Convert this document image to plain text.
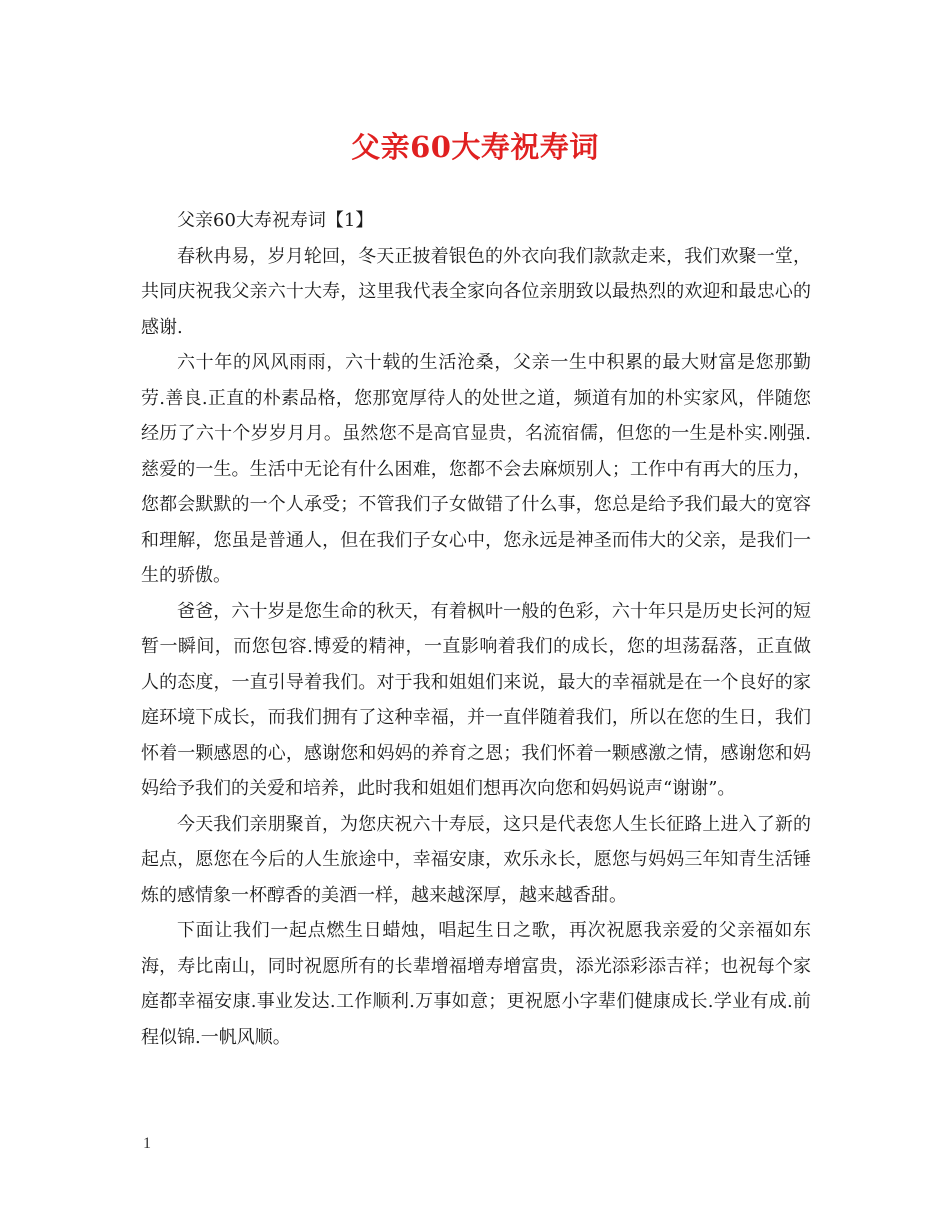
父亲60大寿祝寿词

父亲60大寿祝寿词【1】

春秋冉易，岁月轮回，冬天正披着银色的外衣向我们款款走来，我们欢聚一堂，共同庆祝我父亲六十大寿，这里我代表全家向各位亲朋致以最热烈的欢迎和最忠心的感谢.

六十年的风风雨雨，六十载的生活沧桑，父亲一生中积累的最大财富是您那勤劳.善良.正直的朴素品格，您那宽厚待人的处世之道，频道有加的朴实家风，伴随您经历了六十个岁岁月月。虽然您不是高官显贵，名流宿儒，但您的一生是朴实.刚强.慈爱的一生。生活中无论有什么困难，您都不会去麻烦别人；工作中有再大的压力，您都会默默的一个人承受；不管我们子女做错了什么事，您总是给予我们最大的宽容和理解，您虽是普通人，但在我们子女心中，您永远是神圣而伟大的父亲，是我们一生的骄傲。

爸爸，六十岁是您生命的秋天，有着枫叶一般的色彩，六十年只是历史长河的短暂一瞬间，而您包容.博爱的精神，一直影响着我们的成长，您的坦荡磊落，正直做人的态度，一直引导着我们。对于我和姐姐们来说，最大的幸福就是在一个良好的家庭环境下成长，而我们拥有了这种幸福，并一直伴随着我们，所以在您的生日，我们怀着一颗感恩的心，感谢您和妈妈的养育之恩；我们怀着一颗感激之情，感谢您和妈妈给予我们的关爱和培养，此时我和姐姐们想再次向您和妈妈说声“谢谢”。

今天我们亲朋聚首，为您庆祝六十寿辰，这只是代表您人生长征路上进入了新的起点，愿您在今后的人生旅途中，幸福安康，欢乐永长，愿您与妈妈三年知青生活锤炼的感情象一杯醇香的美酒一样，越来越深厚，越来越香甜。

下面让我们一起点燃生日蜡烛，唱起生日之歌，再次祝愿我亲爱的父亲福如东海，寿比南山，同时祝愿所有的长辈增福增寿增富贵，添光添彩添吉祥；也祝每个家庭都幸福安康.事业发达.工作顺利.万事如意；更祝愿小字辈们健康成长.学业有成.前程似锦.一帆风顺。

1
